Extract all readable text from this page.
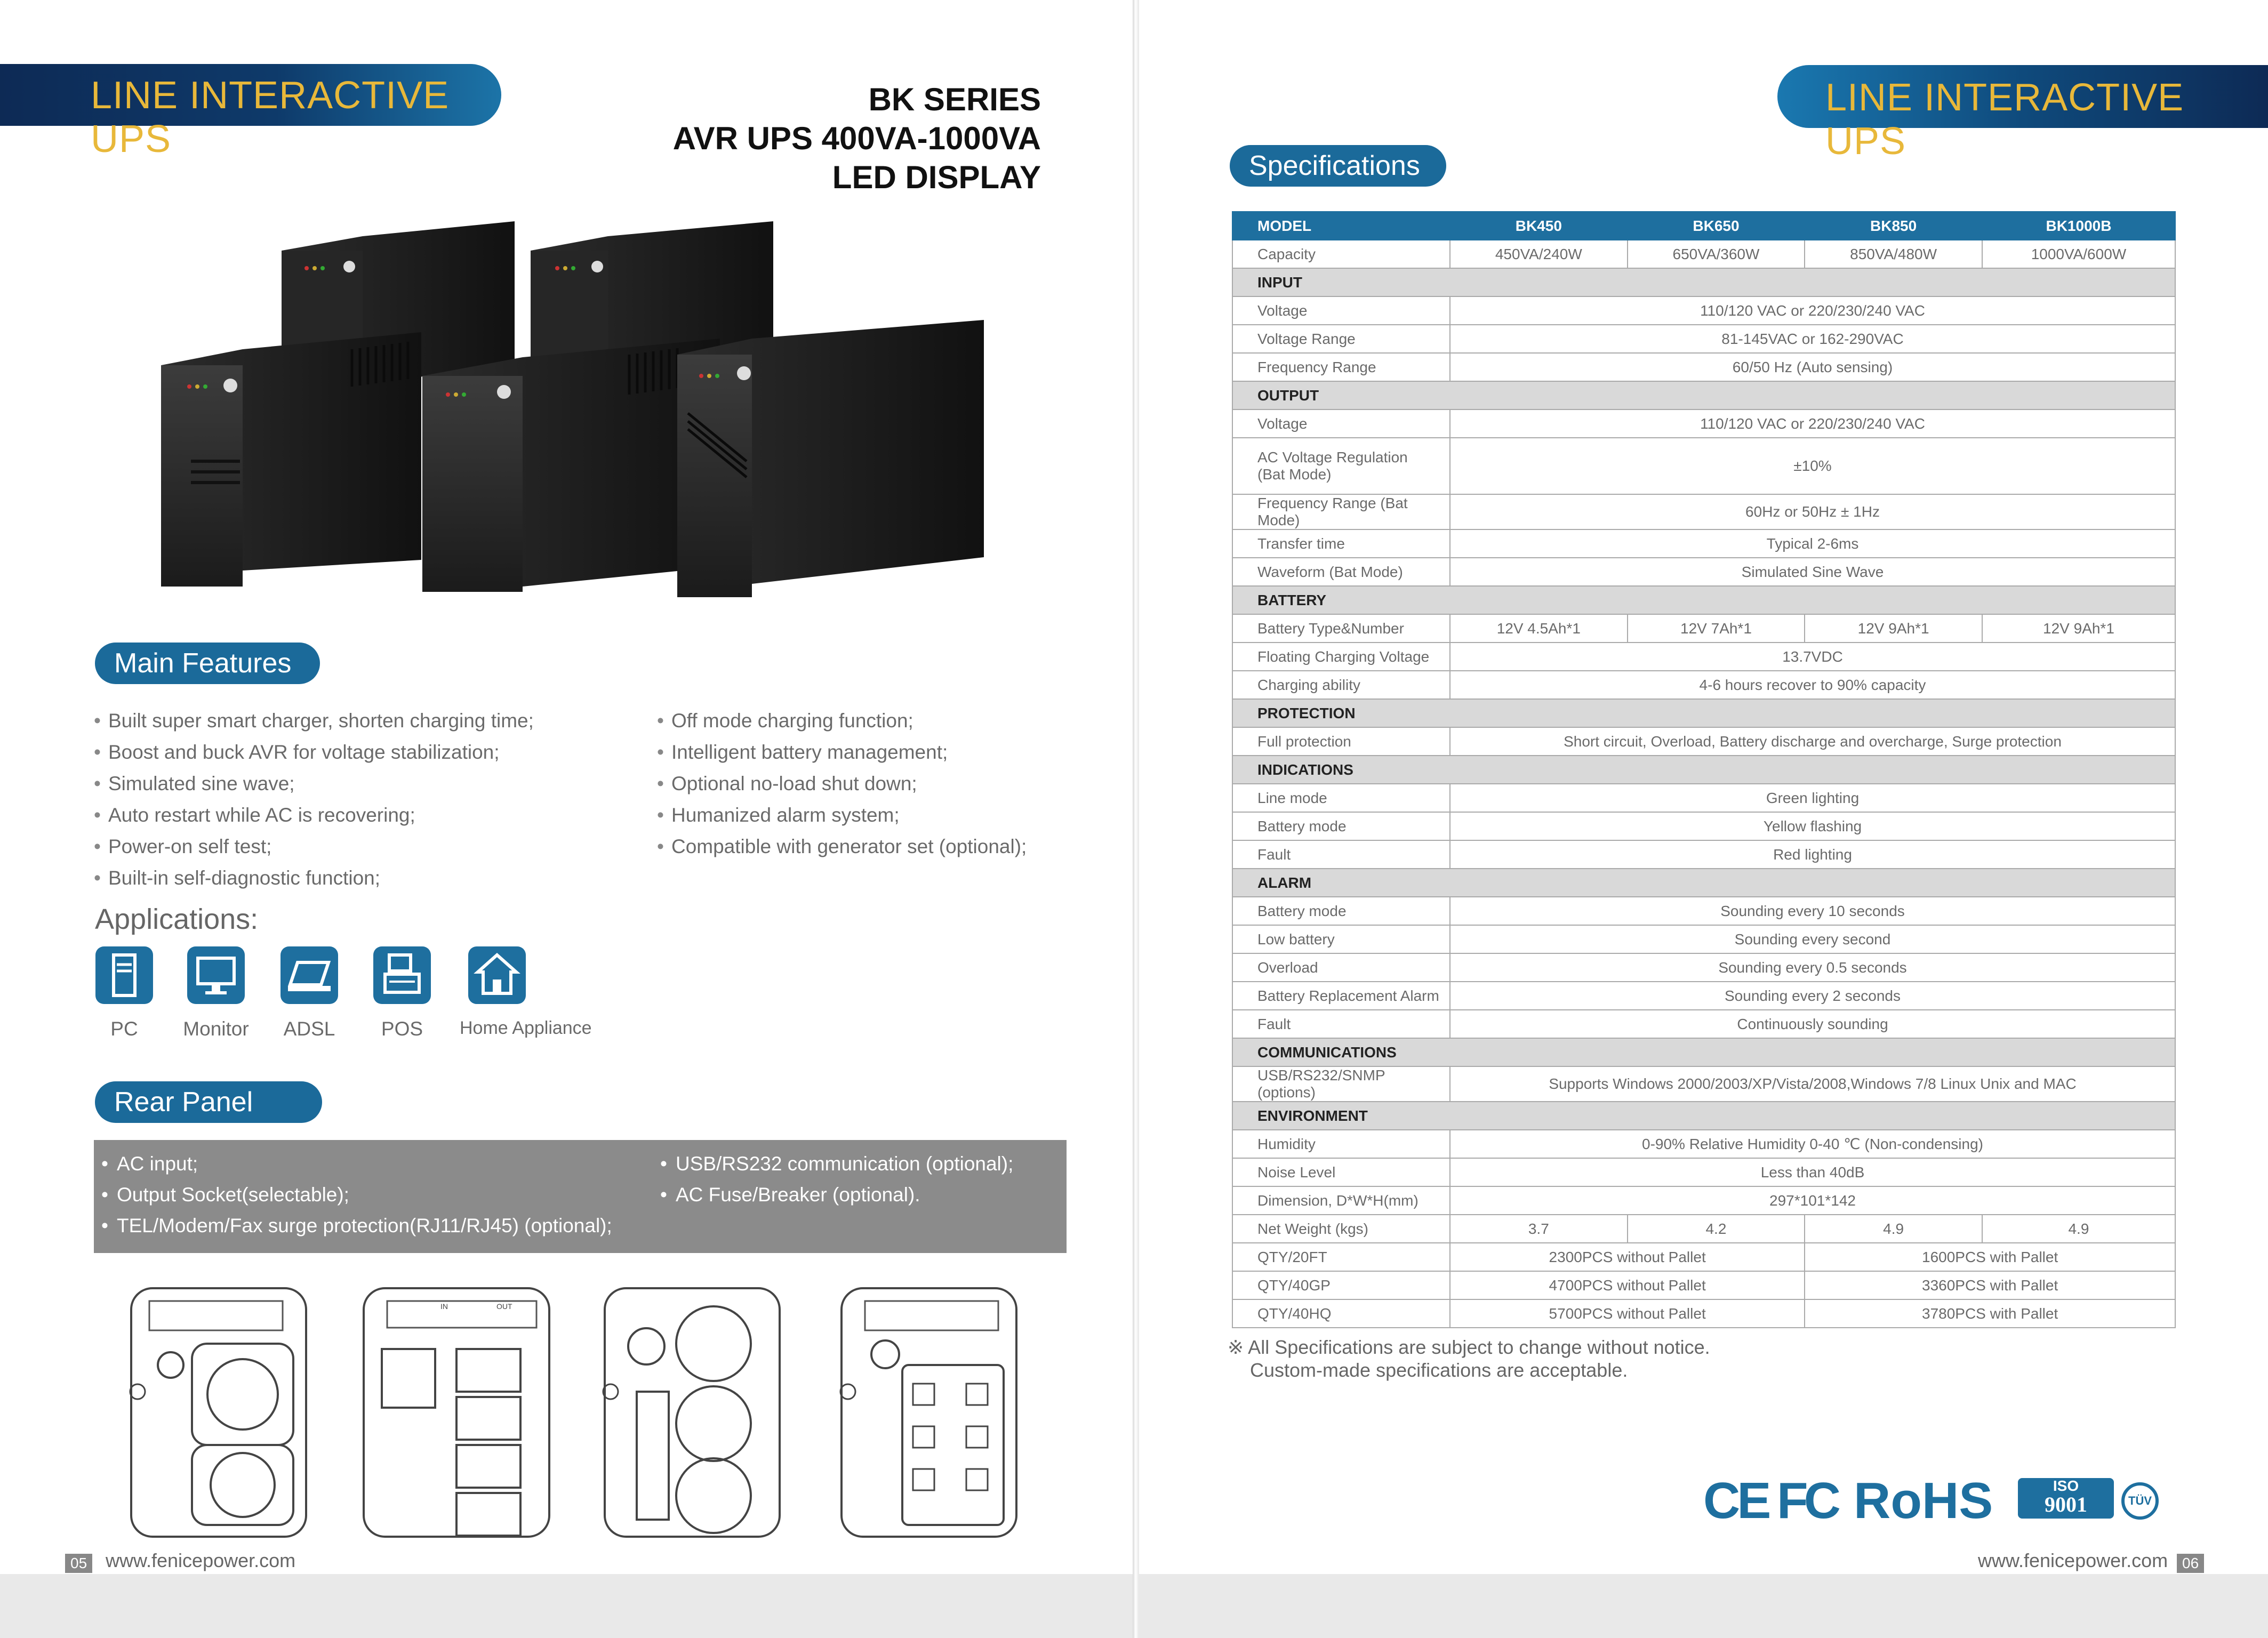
LINE INTERACTIVE UPS
BK SERIES
AVR UPS 400VA-1000VA
LED DISPLAY
Main Features
• Built super smart charger, shorten charging time;
• Boost and buck AVR for voltage stabilization;
• Simulated sine wave;
• Auto restart while AC is recovering;
• Power-on self test;
• Built-in self-diagnostic function;
• Off mode charging function;
• Intelligent battery management;
• Optional no-load shut down;
• Humanized alarm system;
• Compatible with generator set (optional);
Applications:
PC	Monitor	ADSL	POS	Home Appliance
Rear Panel
• AC input;
• Output Socket(selectable);
• TEL/Modem/Fax surge protection(RJ11/RJ45) (optional);
• USB/RS232 communication (optional);
• AC Fuse/Breaker (optional).
IN	OUT
05 www.fenicepower.com
LINE INTERACTIVE UPS
Specifications
※ All Specifications are subject to change without notice.
Custom-made specifications are acceptable.
CE FC RoHS	ISO
9001	TÜV
www.fenicepower.com 06
MODEL	BK450	BK650	BK850	BK1000B
Capacity	450VA/240W	650VA/360W	850VA/480W	1000VA/600W
INPUT				
Voltage	110/120 VAC or 220/230/240 VAC			
Voltage Range	81-145VAC or 162-290VAC			
Frequency Range	60/50 Hz (Auto sensing)			
OUTPUT				
Voltage	110/120 VAC or 220/230/240 VAC			

AC Voltage Regulation
(Bat Mode)	±10%			
Frequency Range (Bat Mode)	60Hz or 50Hz ± 1Hz			
Transfer time	Typical 2-6ms			
Waveform (Bat Mode)	Simulated Sine Wave			
BATTERY				
Battery Type&Number	12V 4.5Ah*1	12V 7Ah*1	12V 9Ah*1	12V 9Ah*1
Floating Charging Voltage	13.7VDC			
Charging ability	4-6 hours recover to 90% capacity			
PROTECTION				
Full protection	Short circuit, Overload, Battery discharge and overcharge, Surge protection			
INDICATIONS				
Line mode	Green lighting			
Battery mode	Yellow flashing			
Fault	Red lighting			
ALARM				
Battery mode	Sounding every 10 seconds			
Low battery	Sounding every second			
Overload	Sounding every 0.5 seconds			
Battery Replacement Alarm	Sounding every 2 seconds			
Fault	Continuously sounding			
COMMUNICATIONS				
USB/RS232/SNMP (options)	Supports Windows 2000/2003/XP/Vista/2008,Windows 7/8 Linux Unix and MAC			
ENVIRONMENT				
Humidity	0-90% Relative Humidity 0-40 ℃ (Non-condensing)			
Noise Level	Less than 40dB			
Dimension, D*W*H(mm)	297*101*142			
Net Weight (kgs)	3.7	4.2	4.9	4.9
QTY/20FT	2300PCS without Pallet		1600PCS with Pallet	
QTY/40GP	4700PCS without Pallet		3360PCS with Pallet	
QTY/40HQ	5700PCS without Pallet		3780PCS with Pallet	
